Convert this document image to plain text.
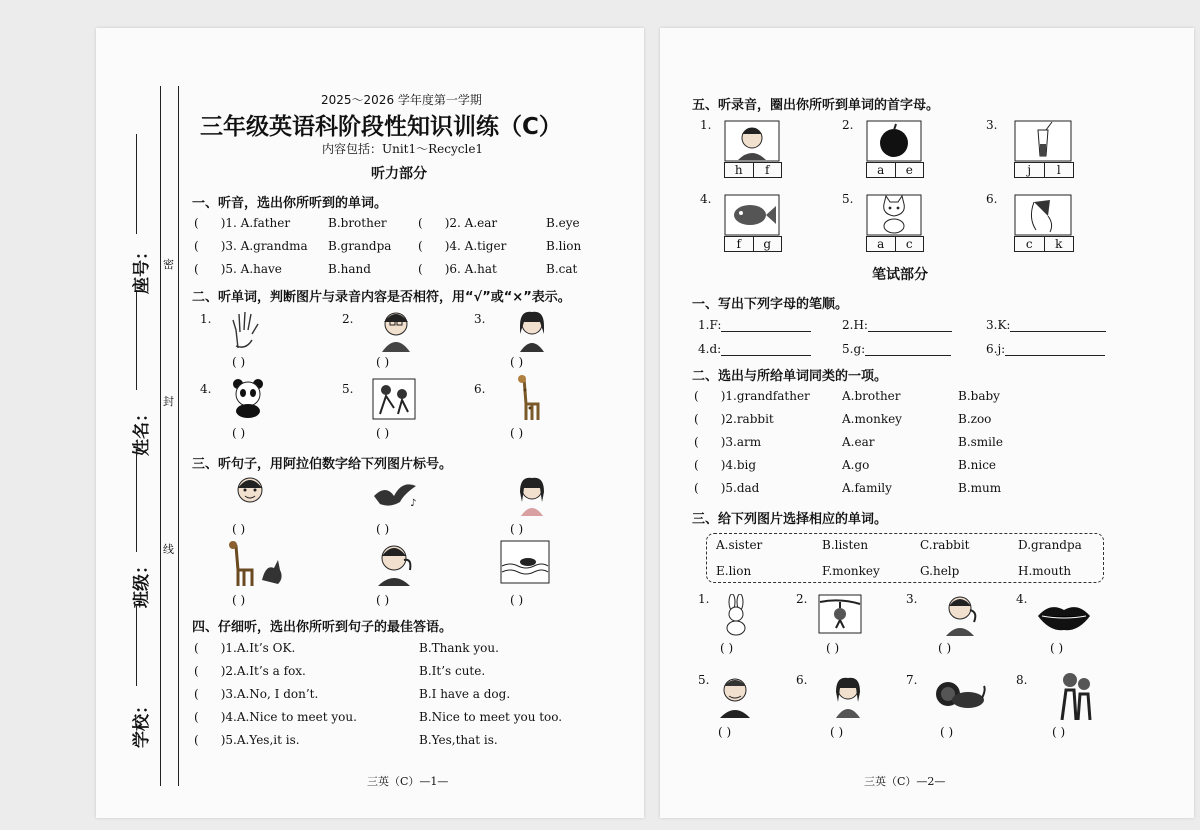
座号：
姓名：
班级：
学校：
密
封
线
2025～2026 学年度第一学期
三年级英语科阶段性知识训练（C）
内容包括：Unit1～Recycle1
听力部分
一、听音，选出你所听到的单词。
( )1. A.father	B.brother	( )2. A.ear	B.eye
( )3. A.grandma B.grandpa ( )4. A.tiger	B.lion
( )5. A.have	B.hand	( )6. A.hat	B.cat
二、听单词，判断图片与录音内容是否相符，用“√”或“×”表示。
1.
( )
2.
( )
3.
( )
4.
( )
5.
( )
6.
( )
三、听句子，用阿拉伯数字给下列图片标号。
( )
♪
( )	( )
( )	( )	( )
四、仔细听，选出你所听到句子的最佳答语。
( )1.A.It’s OK.	B.Thank you.
( )2.A.It’s a fox.	B.It’s cute.
( )3.A.No, I don’t.	B.I have a dog.
( )4.A.Nice to meet you.	B.Nice to meet you too.
( )5.A.Yes,it is.	B.Yes,that is.
三英（C）—1—
五、听录音，圈出你所听到单词的首字母。
1.
h	f
2.
a	e
3.
j	l
4.
f	g
5.
a	c
6.
c	k
笔试部分
一、写出下列字母的笔顺。
1.F:	2.H:	3.K:
4.d:	5.g:	6.j:
二、选出与所给单词同类的一项。
( )1.grandfather	A.brother	B.baby
( )2.rabbit	A.monkey	B.zoo
( )3.arm	A.ear	B.smile
( )4.big	A.go	B.nice
( )5.dad	A.family	B.mum
三、给下列图片选择相应的单词。
A.sister	B.listen	C.rabbit	D.grandpa
E.lion	F.monkey	G.help	H.mouth
1.
( )
2.
( )
3.
( )
4.
( )
5.
( )
6.
( )
7.
( )
8.
( )
三英（C）—2—
